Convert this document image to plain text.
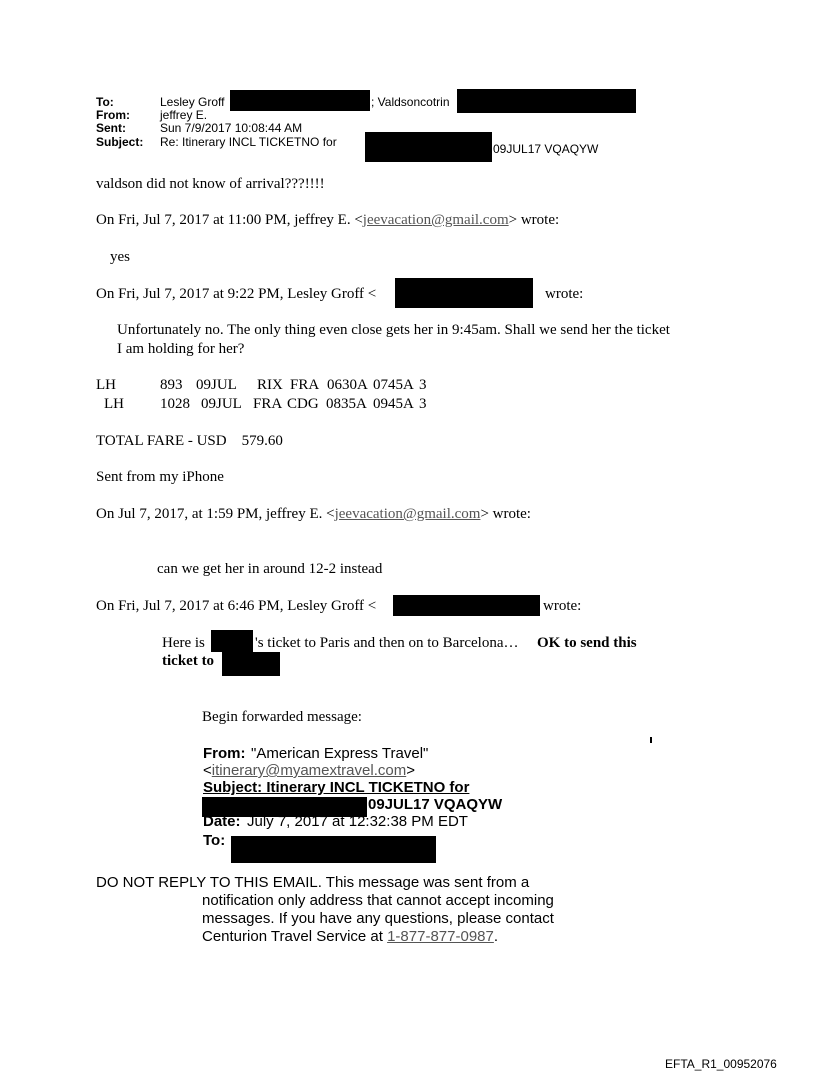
To:	Lesley Groff	; Valdsoncotrin
From:	jeffrey E.
Sent:	Sun 7/9/2017 10:08:44 AM
Subject: Re: Itinerary INCL TICKETNO for	09JUL17 VQAQYW
valdson did not know of arrival???!!!!
On Fri, Jul 7, 2017 at 11:00 PM, jeffrey E. <jeevacation@gmail.com> wrote:
yes
On Fri, Jul 7, 2017 at 9:22 PM, Lesley Groff <	wrote:
Unfortunately no. The only thing even close gets her in 9:45am. Shall we send her the ticket
I am holding for her?
LH	893 09JUL RIX FRA 0630A 0745A 3
LH 1028 09JUL FRA CDG 0835A 0945A 3
TOTAL FARE - USD    579.60
Sent from my iPhone
On Jul 7, 2017, at 1:59 PM, jeffrey E. <jeevacation@gmail.com> wrote:
can we get her in around 12-2 instead
On Fri, Jul 7, 2017 at 6:46 PM, Lesley Groff <	wrote:
Here is	's ticket to Paris and then on to Barcelona… OK to send this
ticket to
Begin forwarded message:
From: "American Express Travel"
<itinerary@myamextravel.com>
Subject: Itinerary INCL TICKETNO for
09JUL17 VQAQYW
Date: July 7, 2017 at 12:32:38 PM EDT
To:
DO NOT REPLY TO THIS EMAIL. This message was sent from a
notification only address that cannot accept incoming
messages. If you have any questions, please contact
Centurion Travel Service at 1-877-877-0987.
EFTA_R1_00952076
